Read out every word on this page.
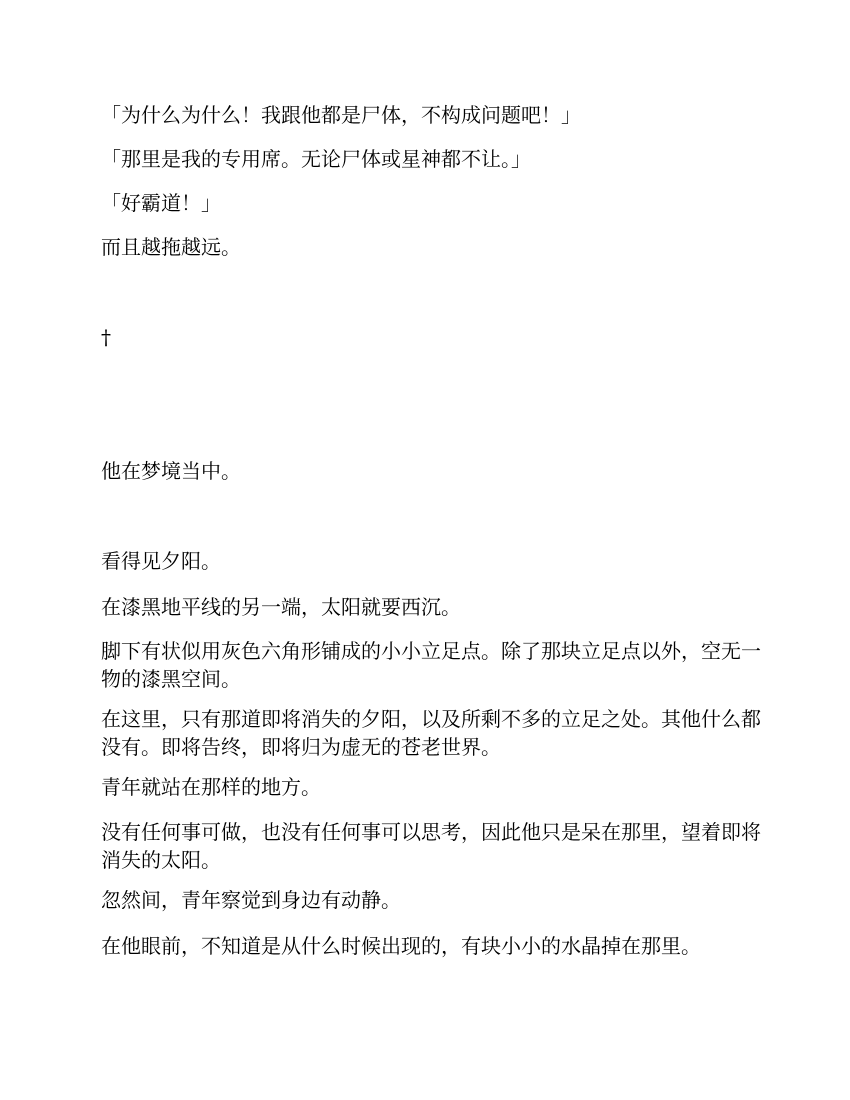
「为什么为什么！我跟他都是尸体，不构成问题吧！」

「那里是我的专用席。无论尸体或星神都不让。」

「好霸道！」

而且越拖越远。

†

他在梦境当中。

看得见夕阳。

在漆黑地平线的另一端，太阳就要西沉。

脚下有状似用灰色六角形铺成的小小立足点。除了那块立足点以外，空无一物的漆黑空间。

在这里，只有那道即将消失的夕阳，以及所剩不多的立足之处。其他什么都没有。即将告终，即将归为虚无的苍老世界。

青年就站在那样的地方。

没有任何事可做，也没有任何事可以思考，因此他只是呆在那里，望着即将消失的太阳。

忽然间，青年察觉到身边有动静。

在他眼前，不知道是从什么时候出现的，有块小小的水晶掉在那里。
